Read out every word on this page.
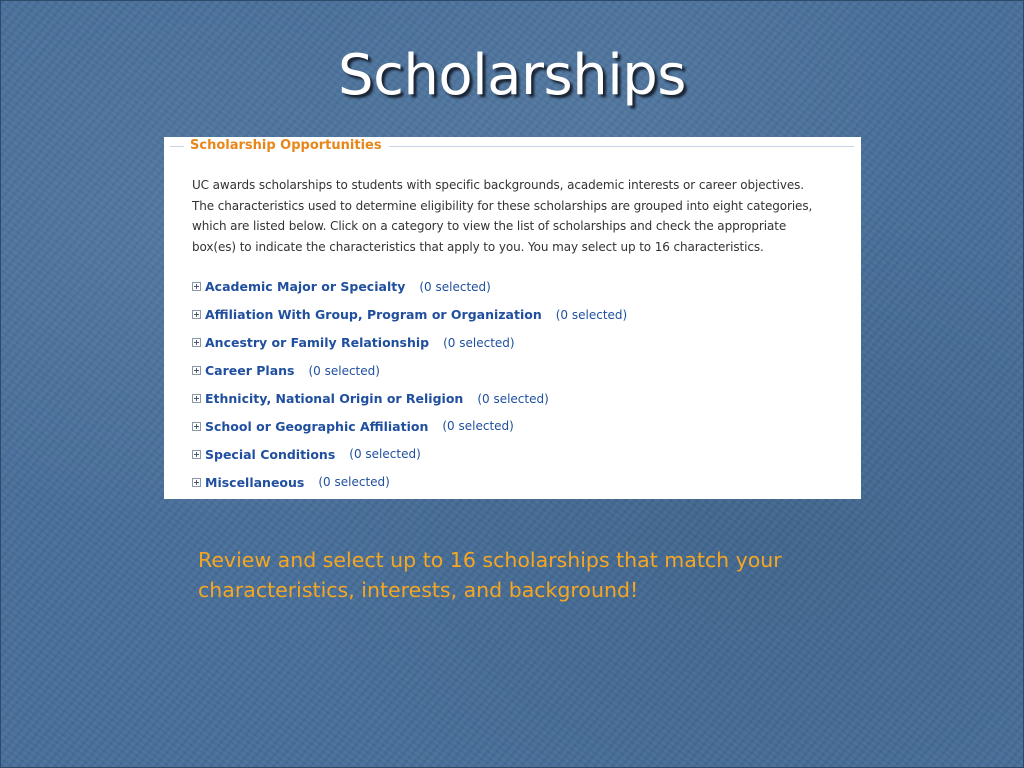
Scholarships
Scholarship Opportunities
UC awards scholarships to students with specific backgrounds, academic interests or career objectives.
The characteristics used to determine eligibility for these scholarships are grouped into eight categories,
which are listed below. Click on a category to view the list of scholarships and check the appropriate
box(es) to indicate the characteristics that apply to you. You may select up to 16 characteristics.
Academic Major or Specialty (0 selected)
Affiliation With Group, Program or Organization (0 selected)
Ancestry or Family Relationship (0 selected)
Career Plans (0 selected)
Ethnicity, National Origin or Religion (0 selected)
School or Geographic Affiliation (0 selected)
Special Conditions (0 selected)
Miscellaneous (0 selected)
Review and select up to 16 scholarships that match your characteristics, interests, and background!
